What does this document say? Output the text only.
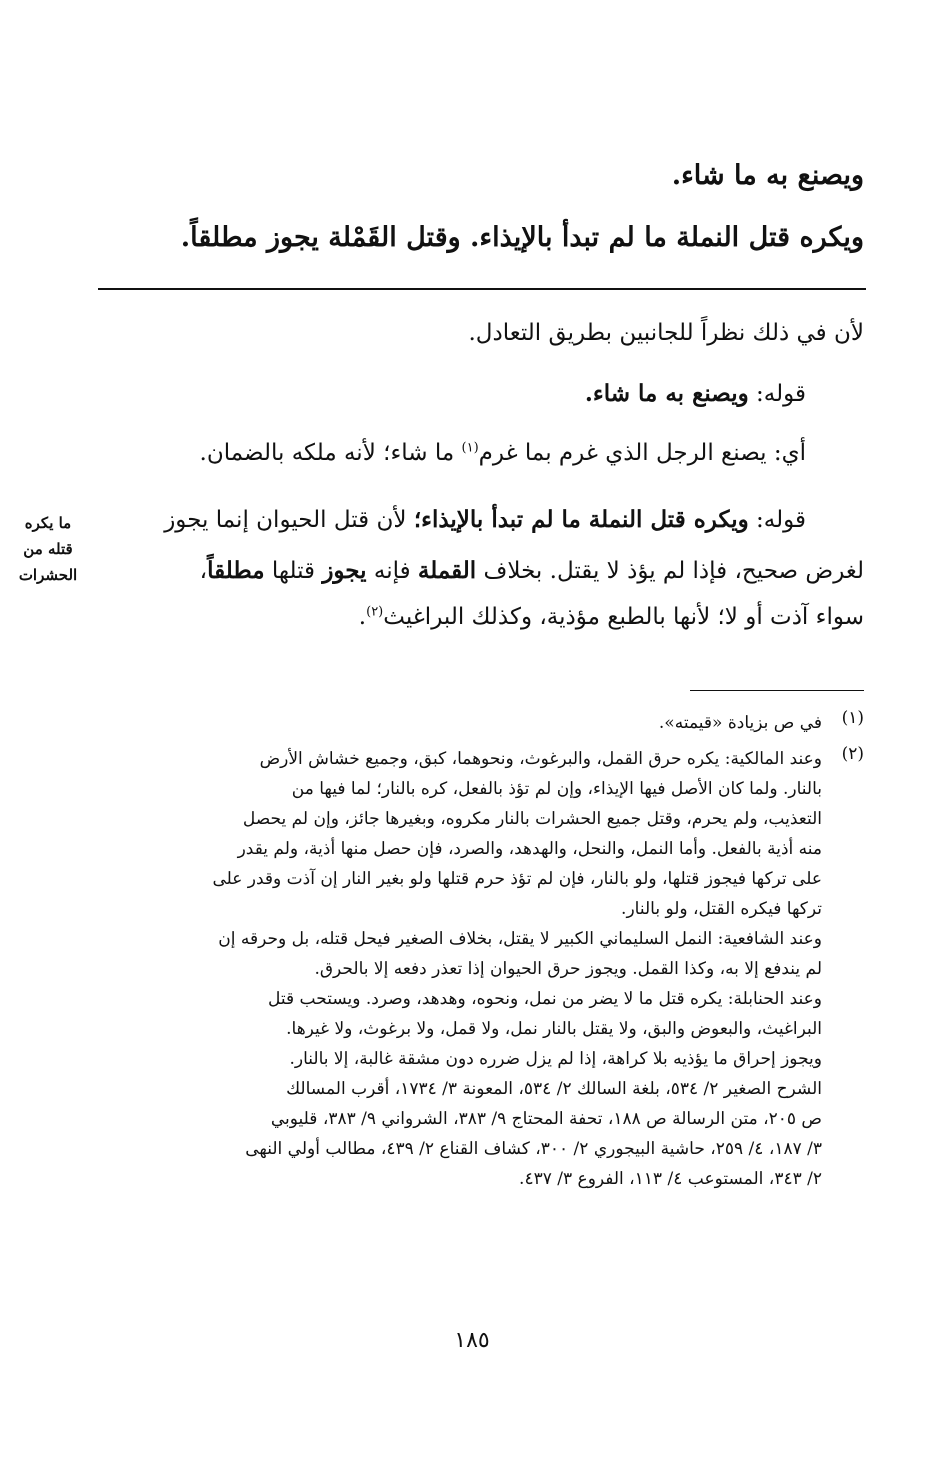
ويصنع به ما شاء.
ويكره قتل النملة ما لم تبدأ بالإيذاء. وقتل القَمْلة يجوز مطلقاً.
لأن في ذلك نظراً للجانبين بطريق التعادل.
قوله: ويصنع به ما شاء.
أي: يصنع الرجل الذي غرم بما غرم$^{(١)}$ ما شاء؛ لأنه ملكه بالضمان.
قوله: ويكره قتل النملة ما لم تبدأ بالإيذاء؛ لأن قتل الحيوان إنما يجوز
لغرض صحيح، فإذا لم يؤذ لا يقتل. بخلاف القملة فإنه يجوز قتلها مطلقاً،
سواء آذت أو لا؛ لأنها بالطبع مؤذية، وكذلك البراغيث$^{(٢)}$.
ما يكره
قتله من
الحشرات
(١)
في ص بزيادة «قيمته».
(٢)
وعند المالكية: يكره حرق القمل، والبرغوث، ونحوهما، كبق، وجميع خشاش الأرض
بالنار. ولما كان الأصل فيها الإيذاء، وإن لم تؤذ بالفعل، كره بالنار؛ لما فيها من
التعذيب، ولم يحرم، وقتل جميع الحشرات بالنار مكروه، وبغيرها جائز، وإن لم يحصل
منه أذية بالفعل. وأما النمل، والنحل، والهدهد، والصرد، فإن حصل منها أذية، ولم يقدر
على تركها فيجوز قتلها، ولو بالنار، فإن لم تؤذ حرم قتلها ولو بغير النار إن آذت وقدر على
تركها فيكره القتل، ولو بالنار.
وعند الشافعية: النمل السليماني الكبير لا يقتل، بخلاف الصغير فيحل قتله، بل وحرقه إن
لم يندفع إلا به، وكذا القمل. ويجوز حرق الحيوان إذا تعذر دفعه إلا بالحرق.
وعند الحنابلة: يكره قتل ما لا يضر من نمل، ونحوه، وهدهد، وصرد. ويستحب قتل
البراغيث، والبعوض والبق، ولا يقتل بالنار نمل، ولا قمل، ولا برغوث، ولا غيرها.
ويجوز إحراق ما يؤذيه بلا كراهة، إذا لم يزل ضرره دون مشقة غالبة، إلا بالنار.
الشرح الصغير ٢/ ٥٣٤، بلغة السالك ٢/ ٥٣٤، المعونة ٣/ ١٧٣٤، أقرب المسالك
ص ٢٠٥، متن الرسالة ص ١٨٨، تحفة المحتاج ٩/ ٣٨٣، الشرواني ٩/ ٣٨٣، قليوبي
٣/ ١٨٧، ٤/ ٢٥٩، حاشية البيجوري ٢/ ٣٠٠، كشاف القناع ٢/ ٤٣٩، مطالب أولي النهى
٢/ ٣٤٣، المستوعب ٤/ ١١٣، الفروع ٣/ ٤٣٧.
١٨٥
